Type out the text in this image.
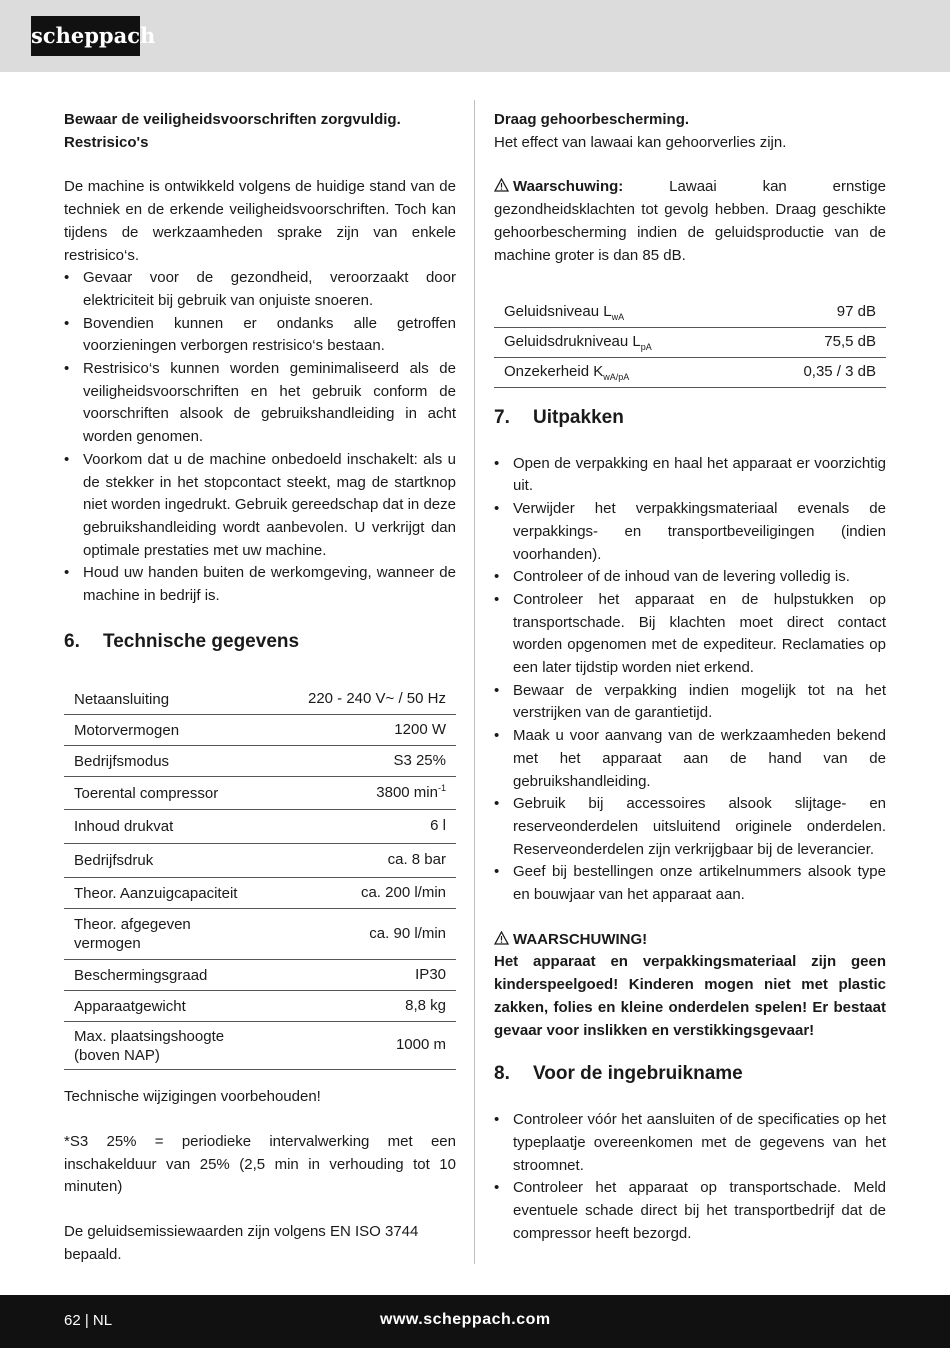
scheppach

Bewaar de veiligheidsvoorschriften zorgvuldig.

Restrisico's

De machine is ontwikkeld volgens de huidige stand van de techniek en de erkende veiligheidsvoorschriften. Toch kan tijdens de werkzaamheden sprake zijn van enkele restrisico‘s.

• Gevaar voor de gezondheid, veroorzaakt door elektriciteit bij gebruik van onjuiste snoeren.
• Bovendien kunnen er ondanks alle getroffen voorzieningen verborgen restrisico‘s bestaan.
• Restrisico‘s kunnen worden geminimaliseerd als de veiligheidsvoorschriften en het gebruik conform de voorschriften alsook de gebruikshandleiding in acht worden genomen.
• Voorkom dat u de machine onbedoeld inschakelt: als u de stekker in het stopcontact steekt, mag de startknop niet worden ingedrukt. Gebruik gereedschap dat in deze gebruikshandleiding wordt aanbevolen. U verkrijgt dan optimale prestaties met uw machine.
• Houd uw handen buiten de werkomgeving, wanneer de machine in bedrijf is.
6. Technische gegevens
Netaansluiting	220 - 240 V~ / 50 Hz
Motorvermogen	1200 W
Bedrijfsmodus	S3 25%
Toerental compressor	3800 $\min^{-1}$
Inhoud drukvat	6 l
Bedrijfsdruk	ca. 8 bar
Theor. Aanzuigcapaciteit	ca. 200 l/min
Theor. afgegeven vermogen	ca. 90 l/min
Beschermingsgraad	IP30
Apparaatgewicht	8,8 kg
Max. plaatsingshoogte (boven NAP)	1000 m

Technische wijzigingen voorbehouden!

*S3 25% = periodieke intervalwerking met een inschakelduur van 25% (2,5 min in verhouding tot 10 minuten)

De geluidsemissiewaarden zijn volgens EN ISO 3744 bepaald.

Draag gehoorbescherming.

Het effect van lawaai kan gehoorverlies zijn.

Waarschuwing:	Lawaai kan ernstige gezondheidsklachten tot gevolg hebben. Draag geschikte gehoorbescherming indien de geluidsproductie van de machine groter is dan 85 dB.

Geluidsniveau $L_{wA}$	97 dB
Geluidsdrukniveau $L_{pA}$	75,5 dB
Onzekerheid $K_{wA/pA}$	0,35 / 3 dB
7. Uitpakken
• Open de verpakking en haal het apparaat er voorzichtig uit.
• Verwijder het verpakkingsmateriaal evenals de verpakkings- en transportbeveiligingen (indien voorhanden).
• Controleer of de inhoud van de levering volledig is.
• Controleer het apparaat en de hulpstukken op transportschade. Bij klachten moet direct contact worden opgenomen met de expediteur. Reclamaties op een later tijdstip worden niet erkend.
• Bewaar de verpakking indien mogelijk tot na het verstrijken van de garantietijd.
• Maak u voor aanvang van de werkzaamheden bekend met het apparaat aan de hand van de gebruikshandleiding.
• Gebruik bij accessoires alsook slijtage- en reserveonderdelen uitsluitend originele onderdelen. Reserveonderdelen zijn verkrijgbaar bij de leverancier.
• Geef bij bestellingen onze artikelnummers alsook type en bouwjaar van het apparaat aan.

WAARSCHUWING!

Het apparaat en verpakkingsmateriaal zijn geen kinderspeelgoed! Kinderen mogen niet met plastic zakken, folies en kleine onderdelen spelen! Er bestaat gevaar voor inslikken en verstikkingsgevaar!

8. Voor de ingebruikname
• Controleer vóór het aansluiten of de specificaties op het typeplaatje overeenkomen met de gegevens van het stroomnet.
• Controleer het apparaat op transportschade. Meld eventuele schade direct bij het transportbedrijf dat de compressor heeft bezorgd.
62 | NL	www.scheppach.com
